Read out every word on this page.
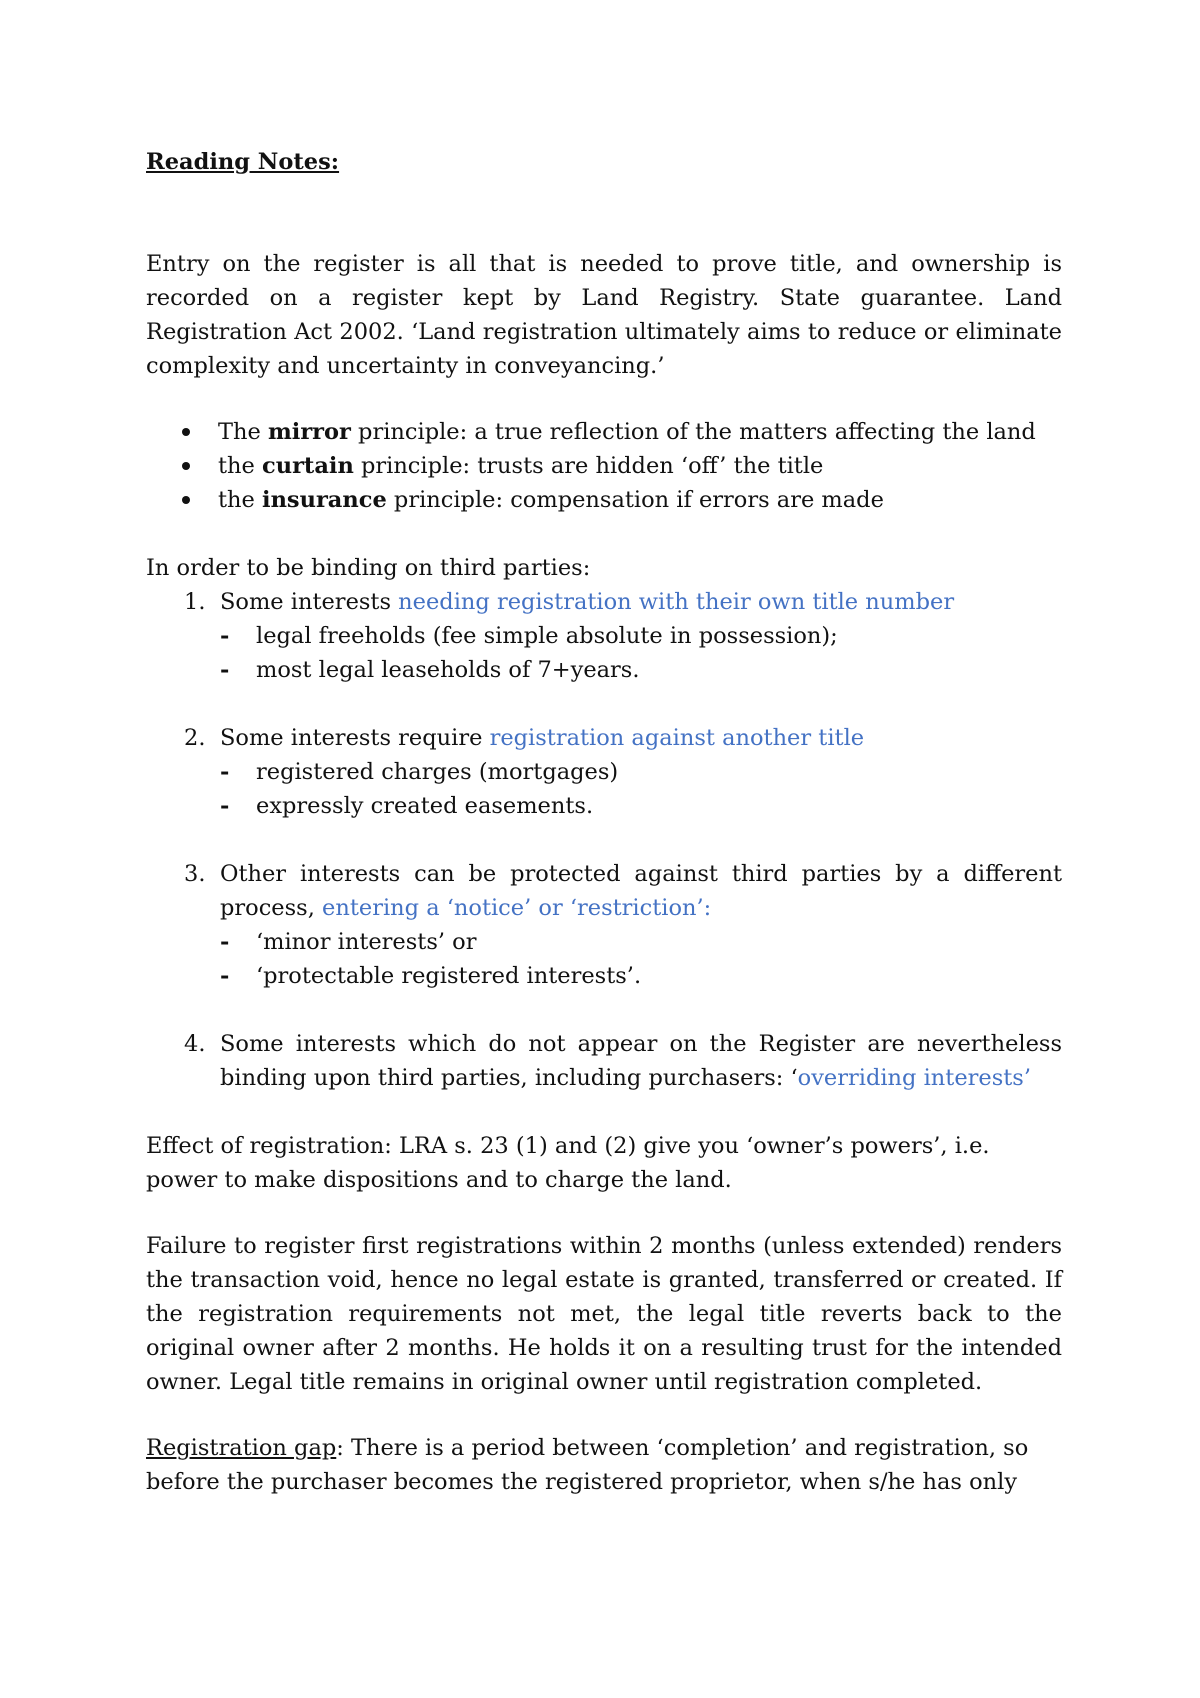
Reading Notes:

Entry on the register is all that is needed to prove title, and ownership is recorded on a register kept by Land Registry. State guarantee. Land Registration Act 2002. ‘Land registration ultimately aims to reduce or eliminate complexity and uncertainty in conveyancing.’

The mirror principle: a true reflection of the matters affecting the land
the curtain principle: trusts are hidden ‘off’ the title
the insurance principle: compensation if errors are made

In order to be binding on third parties:

1. Some interests needing registration with their own title number
- legal freeholds (fee simple absolute in possession);
- most legal leaseholds of 7+years.
2. Some interests require registration against another title
- registered charges (mortgages)
- expressly created easements.
3. Other interests can be protected against third parties by a different process, entering a ‘notice’ or ‘restriction’:
- ‘minor interests’ or
- ‘protectable registered interests’.
4. Some interests which do not appear on the Register are nevertheless binding upon third parties, including purchasers: ‘overriding interests’

Effect of registration: LRA s. 23 (1) and (2) give you ‘owner’s powers’, i.e. power to make dispositions and to charge the land.

Failure to register first registrations within 2 months (unless extended) renders the transaction void, hence no legal estate is granted, transferred or created. If the registration requirements not met, the legal title reverts back to the original owner after 2 months. He holds it on a resulting trust for the intended owner. Legal title remains in original owner until registration completed.

Registration gap: There is a period between ‘completion’ and registration, so before the purchaser becomes the registered proprietor, when s/he has only
